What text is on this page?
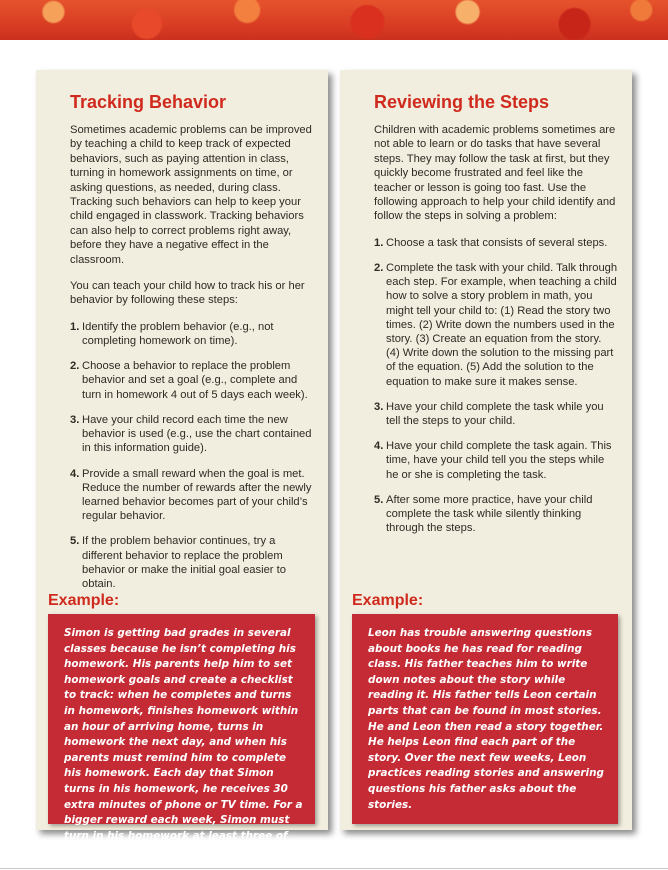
Tracking Behavior

Sometimes academic problems can be improved by teaching a child to keep track of expected behaviors, such as paying attention in class, turning in homework assignments on time, or asking questions, as needed, during class. Tracking such behaviors can help to keep your child engaged in classwork. Tracking behaviors can also help to correct problems right away, before they have a negative effect in the classroom.

You can teach your child how to track his or her behavior by following these steps:

1. Identify the problem behavior (e.g., not completing homework on time).
2. Choose a behavior to replace the problem behavior and set a goal (e.g., complete and turn in homework 4 out of 5 days each week).
3. Have your child record each time the new behavior is used (e.g., use the chart contained in this information guide).
4. Provide a small reward when the goal is met. Reduce the number of rewards after the newly learned behavior becomes part of your child’s regular behavior.
5. If the problem behavior continues, try a different behavior to replace the problem behavior or make the initial goal easier to obtain.
Reviewing the Steps

Children with academic problems sometimes are not able to learn or do tasks that have several steps. They may follow the task at first, but they quickly become frustrated and feel like the teacher or lesson is going too fast. Use the following approach to help your child identify and follow the steps in solving a problem:

1. Choose a task that consists of several steps.
2. Complete the task with your child. Talk through each step. For example, when teaching a child how to solve a story problem in math, you might tell your child to: (1) Read the story two times. (2) Write down the numbers used in the story. (3) Create an equation from the story. (4) Write down the solution to the missing part of the equation. (5) Add the solution to the equation to make sure it makes sense.
3. Have your child complete the task while you tell the steps to your child.
4. Have your child complete the task again. This time, have your child tell you the steps while he or she is completing the task.
5. After some more practice, have your child complete the task while silently thinking through the steps.
Example:
Simon is getting bad grades in several classes because he isn’t completing his homework. His parents help him to set homework goals and create a checklist to track: when he completes and turns in homework, finishes homework within an hour of arriving home, turns in homework the next day, and when his parents must remind him to complete his homework. Each day that Simon turns in his homework, he receives 30 extra minutes of phone or TV time. For a bigger reward each week, Simon must turn in his homework at least three of the five days.
Example:
Leon has trouble answering questions about books he has read for reading class. His father teaches him to write down notes about the story while reading it. His father tells Leon certain parts that can be found in most stories. He and Leon then read a story together. He helps Leon find each part of the story. Over the next few weeks, Leon practices reading stories and answering questions his father asks about the stories.
